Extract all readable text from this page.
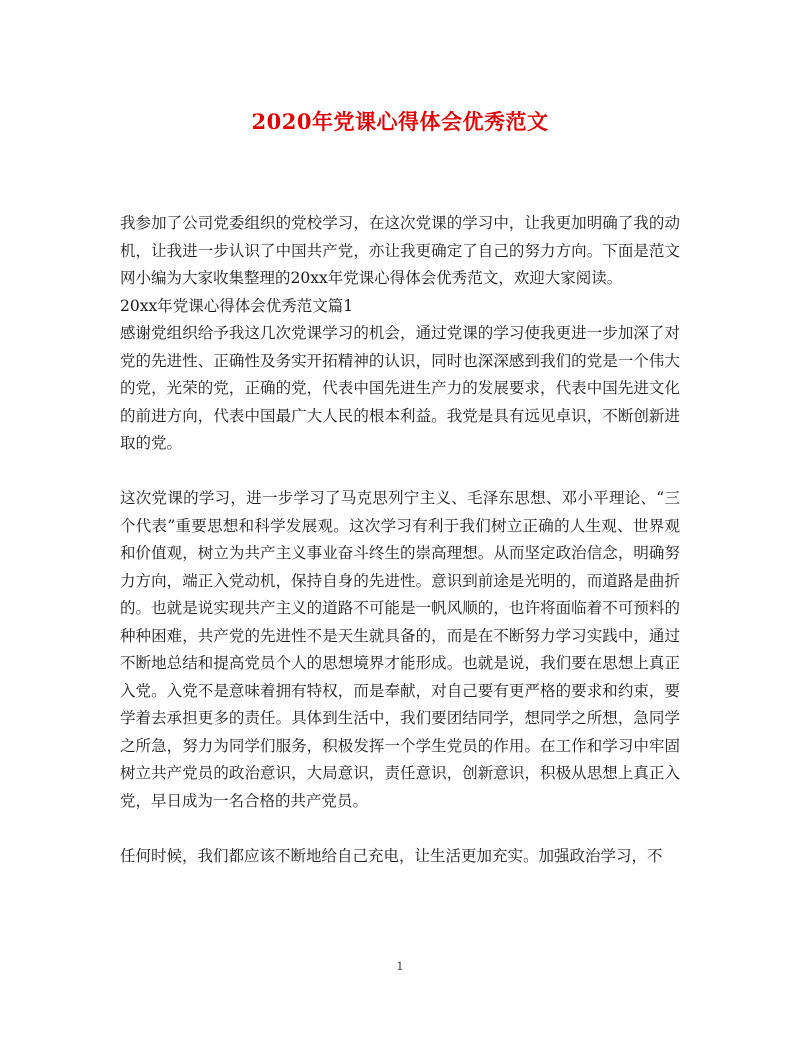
2020年党课心得体会优秀范文

我参加了公司党委组织的党校学习，在这次党课的学习中，让我更加明确了我的动机，让我进一步认识了中国共产党，亦让我更确定了自己的努力方向。下面是范文网小编为大家收集整理的20xx年党课心得体会优秀范文，欢迎大家阅读。

20xx年党课心得体会优秀范文篇1

感谢党组织给予我这几次党课学习的机会，通过党课的学习使我更进一步加深了对党的先进性、正确性及务实开拓精神的认识，同时也深深感到我们的党是一个伟大的党，光荣的党，正确的党，代表中国先进生产力的发展要求，代表中国先进文化的前进方向，代表中国最广大人民的根本利益。我党是具有远见卓识，不断创新进取的党。

这次党课的学习，进一步学习了马克思列宁主义、毛泽东思想、邓小平理论、“三个代表”重要思想和科学发展观。这次学习有利于我们树立正确的人生观、世界观和价值观，树立为共产主义事业奋斗终生的崇高理想。从而坚定政治信念，明确努力方向，端正入党动机，保持自身的先进性。意识到前途是光明的，而道路是曲折的。也就是说实现共产主义的道路不可能是一帆风顺的，也许将面临着不可预料的种种困难，共产党的先进性不是天生就具备的，而是在不断努力学习实践中，通过不断地总结和提高党员个人的思想境界才能形成。也就是说，我们要在思想上真正入党。入党不是意味着拥有特权，而是奉献，对自己要有更严格的要求和约束，要学着去承担更多的责任。具体到生活中，我们要团结同学，想同学之所想，急同学之所急，努力为同学们服务，积极发挥一个学生党员的作用。在工作和学习中牢固树立共产党员的政治意识，大局意识，责任意识，创新意识，积极从思想上真正入党，早日成为一名合格的共产党员。

任何时候，我们都应该不断地给自己充电，让生活更加充实。加强政治学习，不

1
